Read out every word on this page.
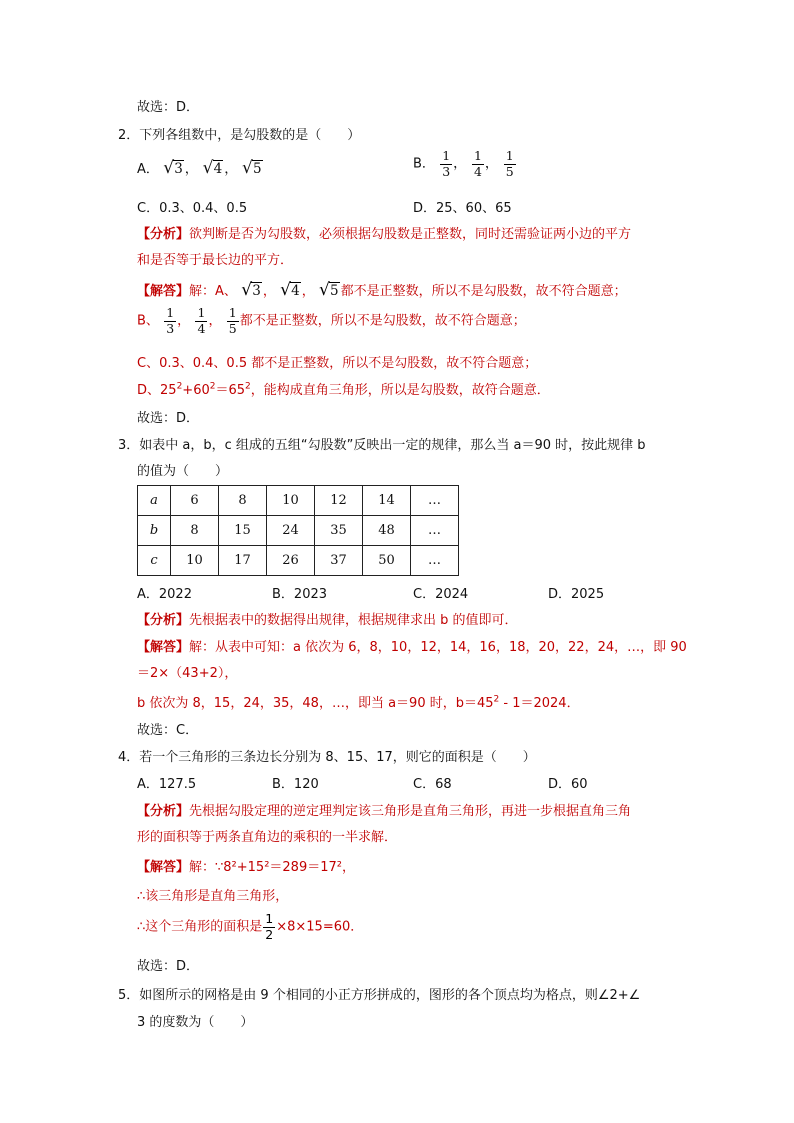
故选：D．
2．下列各组数中，是勾股数的是（　　）
A． √ 3 ， √ 4 ， √ 5	B． $\frac{1}{3}$ ， $\frac{1}{4}$ ， $\frac{1}{5}$
C．0.3、0.4、0.5	D．25、60、65
【分析】欲判断是否为勾股数，必须根据勾股数是正整数，同时还需验证两小边的平方
和是否等于最长边的平方．
【解答】解：A、 √ 3 ， √ 4 ， √ 5 都不是正整数，所以不是勾股数，故不符合题意；
B、 $\frac{1}{3}$ ， $\frac{1}{4}$ ， $\frac{1}{5}$ 都不是正整数，所以不是勾股数，故不符合题意；
C、0.3、0.4、0.5 都不是正整数，所以不是勾股数，故不符合题意；
D、$25^2+60^2=65^2$，能构成直角三角形，所以是勾股数，故符合题意．
故选：D．
3．如表中 a，b，c 组成的五组“勾股数”反映出一定的规律，那么当 a＝90 时，按此规律 b
的值为（　　）
a	6	8	10	12	14	…
b	8	15	24	35	48	…
c	10	17	26	37	50	…
A．2022	B．2023	C．2024	D．2025
【分析】先根据表中的数据得出规律，根据规律求出 b 的值即可．
【解答】解：从表中可知：a 依次为 6，8，10，12，14，16，18，20，22，24，…，即 90
＝2×（43+2），
b 依次为 8，15，24，35，48，…，即当 a＝90 时，$b=45^2 - 1=2024$．
故选：C．
4．若一个三角形的三条边长分别为 8、15、17，则它的面积是（　　）
A．127.5	B．120	C．68	D．60
【分析】先根据勾股定理的逆定理判定该三角形是直角三角形，再进一步根据直角三角
形的面积等于两条直角边的乘积的一半求解．
【解答】解：∵8²+15²＝289＝17²，
∴该三角形是直角三角形，
∴这个三角形的面积是 $\frac{1}{2} \times 8\times 15=60$．
故选：D．
5．如图所示的网格是由 9 个相同的小正方形拼成的，图形的各个顶点均为格点，则∠2+∠
3 的度数为（　　）
